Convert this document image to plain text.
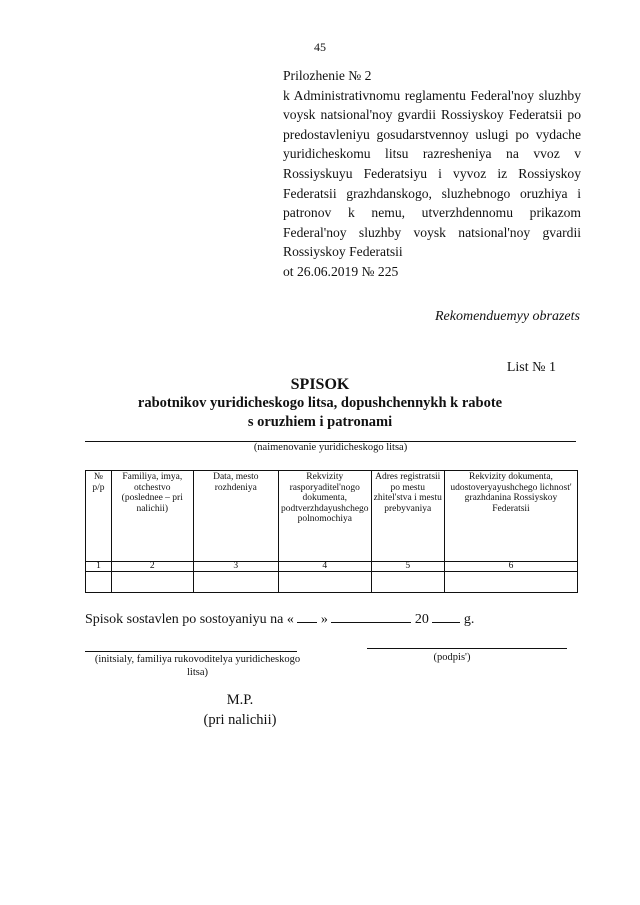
45
Prilozhenie № 2
k Administrativnomu reglamentu Federal'noy sluzhby voysk natsional'noy gvardii Rossiyskoy Federatsii po predostavleniyu gosudarstvennoy uslugi po vydache yuridicheskomu litsu razresheniya na vvoz v Rossiyskuyu Federatsiyu i vyvoz iz Rossiyskoy Federatsii grazhdanskogo, sluzhebnogo oruzhiya i patronov k nemu, utverzhdennomu prikazom Federal'noy sluzhby voysk natsional'noy gvardii
Rossiyskoy Federatsii
ot 26.06.2019 № 225
Rekomenduemyy obrazets
List № 1
SPISOK
rabotnikov yuridicheskogo litsa, dopushchennykh k rabote
s oruzhiem i patronami
(naimenovanie yuridicheskogo litsa)
№ p/p	Familiya, imya, otchestvo (poslednee – pri nalichii)	Data, mesto rozhdeniya	Rekvizity rasporyaditel'nogo dokumenta, podtverzhdayushchego polnomochiya	Adres registratsii po mestu zhitel'stva i mestu prebyvaniya	Rekvizity dokumenta, udostoveryayushchego lichnost' grazhdanina Rossiyskoy Federatsii
1	2	3	4	5	6

Spisok sostavlen po sostoyaniyu na « »	20	g.
(initsialy, familiya rukovoditelya yuridicheskogo litsa)
(podpis')
M.P.
(pri nalichii)
